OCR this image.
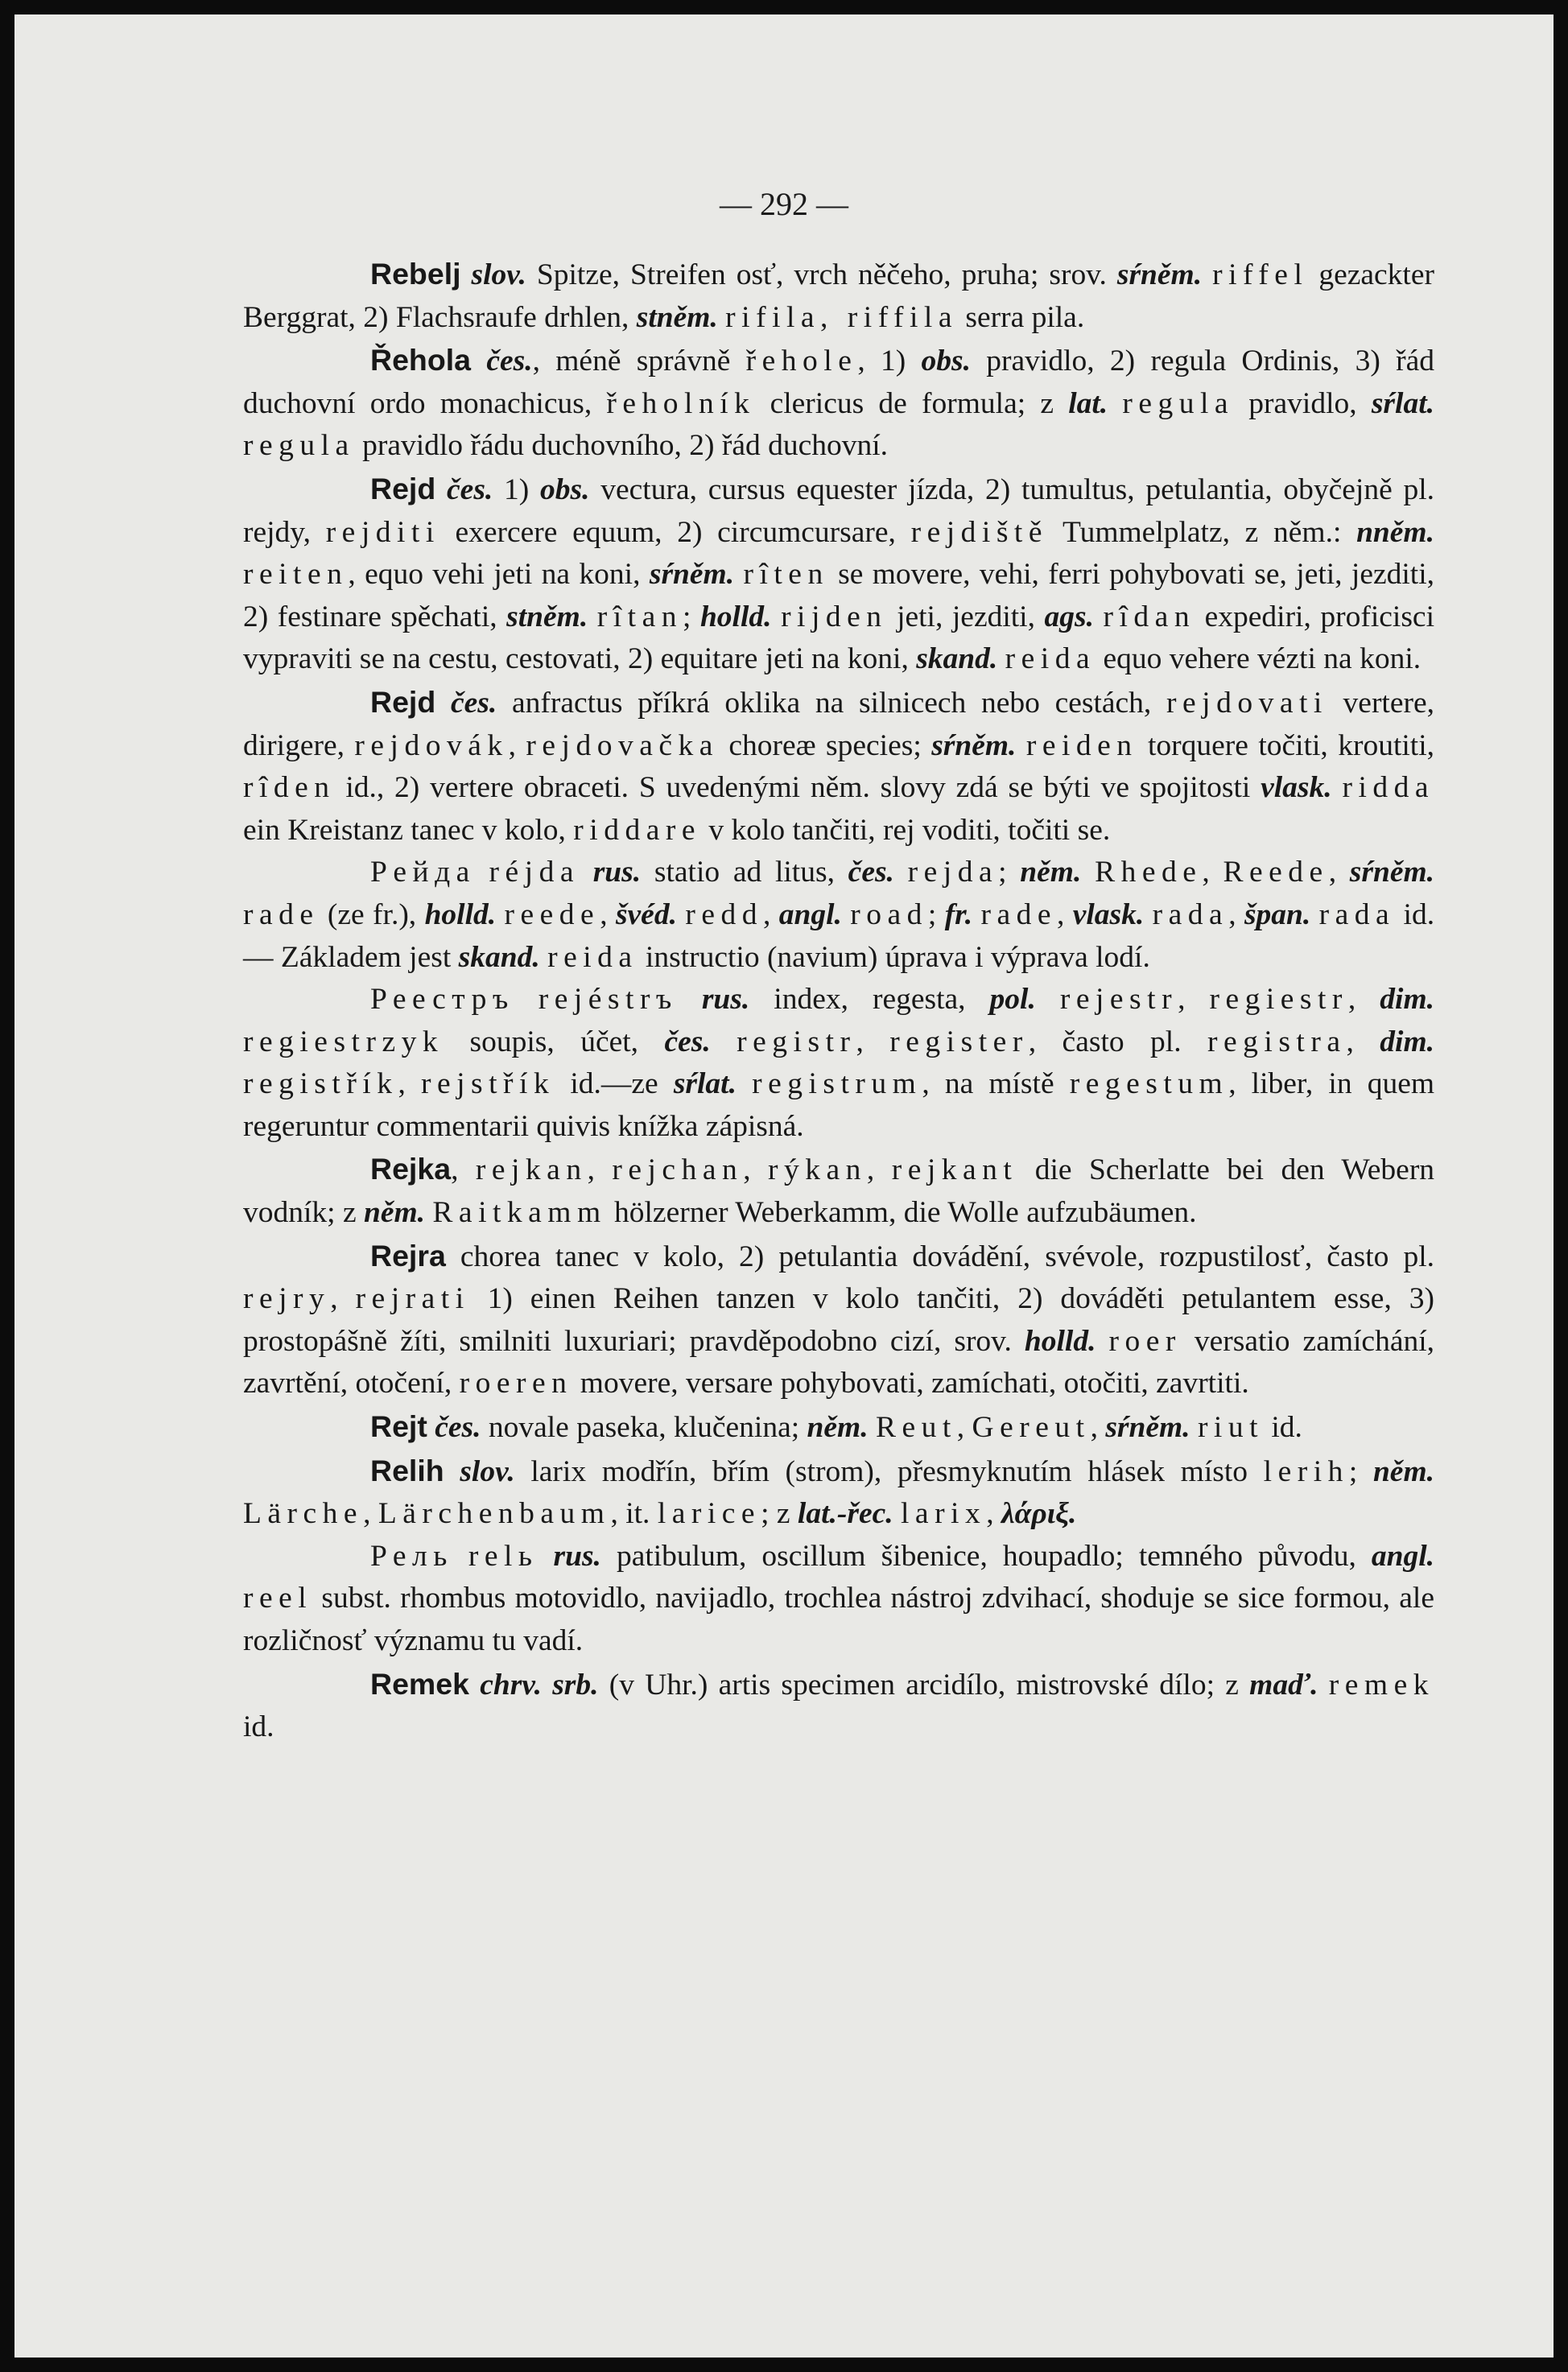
— 292 —

Rebelj slov. Spitze, Streifen osť, vrch něčeho, pruha; srov. sŕněm. riffel gezackter Berggrat, 2) Flachsraufe drhlen, stněm. rifila, riffila serra pila.

Řehola čes., méně správně řehole, 1) obs. pravidlo, 2) regula Ordinis, 3) řád duchovní ordo monachicus, řeholník clericus de formula; z lat. regula pravidlo, sŕlat. regula pravidlo řádu duchovního, 2) řád duchovní.

Rejd čes. 1) obs. vectura, cursus equester jízda, 2) tumultus, petulantia, obyčejně pl. rejdy, rejditi exercere equum, 2) circumcursare, rejdiště Tummelplatz, z něm.: nněm. reiten, equo vehi jeti na koni, sŕněm. rîten se movere, vehi, ferri pohybovati se, jeti, jezditi, 2) festinare spěchati, stněm. rîtan; holld. rijden jeti, jezditi, ags. rîdan expediri, proficisci vypraviti se na cestu, cestovati, 2) equitare jeti na koni, skand. reida equo vehere vézti na koni.

Rejd čes. anfractus příkrá oklika na silnicech nebo cestách, rejdovati vertere, dirigere, rejdovák, rejdovačka choreæ species; sŕněm. reiden torquere točiti, kroutiti, rîden id., 2) vertere obraceti. S uvedenými něm. slovy zdá se býti ve spojitosti vlask. ridda ein Kreistanz tanec v kolo, riddare v kolo tančiti, rej voditi, točiti se.

Peйда réjda rus. statio ad litus, čes. rejda; něm. Rhede, Reede, sŕněm. rade (ze fr.), holld. reede, švéd. redd, angl. road; fr. rade, vlask. rada, špan. rada id. — Základem jest skand. reida instructio (navium) úprava i výprava lodí.

Реестръ rejéstrъ rus. index, regesta, pol. rejestr, regiestr, dim. regiestrzyk soupis, účet, čes. registr, register, často pl. registra, dim. registřík, rejstřík id.—ze sŕlat. registrum, na místě regestum, liber, in quem regeruntur commentarii quivis knížka zápisná.

Rejka, rejkan, rejchan, rýkan, rejkant die Scherlatte bei den Webern vodník; z něm. Raitkamm hölzerner Weberkamm, die Wolle aufzubäumen.

Rejra chorea tanec v kolo, 2) petulantia dovádění, svévole, rozpustilosť, často pl. rejry, rejrati 1) einen Reihen tanzen v kolo tančiti, 2) dováděti petulantem esse, 3) prostopášně žíti, smilniti luxuriari; pravděpodobno cizí, srov. holld. roer versatio zamíchání, zavrtění, otočení, roeren movere, versare pohybovati, zamíchati, otočiti, zavrtiti.

Rejt čes. novale paseka, klučenina; něm. Reut, Gereut, sŕněm. riut id.

Relih slov. larix modřín, břím (strom), přesmyknutím hlásek místo lerih; něm. Lärche, Lärchenbaum, it. larice; z lat.-řec. larix, λάριξ.

Рель relь rus. patibulum, oscillum šibenice, houpadlo; temného původu, angl. reel subst. rhombus motovidlo, navijadlo, trochlea nástroj zdvihací, shoduje se sice formou, ale rozličnosť významu tu vadí.

Remek chrv. srb. (v Uhr.) artis specimen arcidílo, mistrovské dílo; z maď. remek id.
